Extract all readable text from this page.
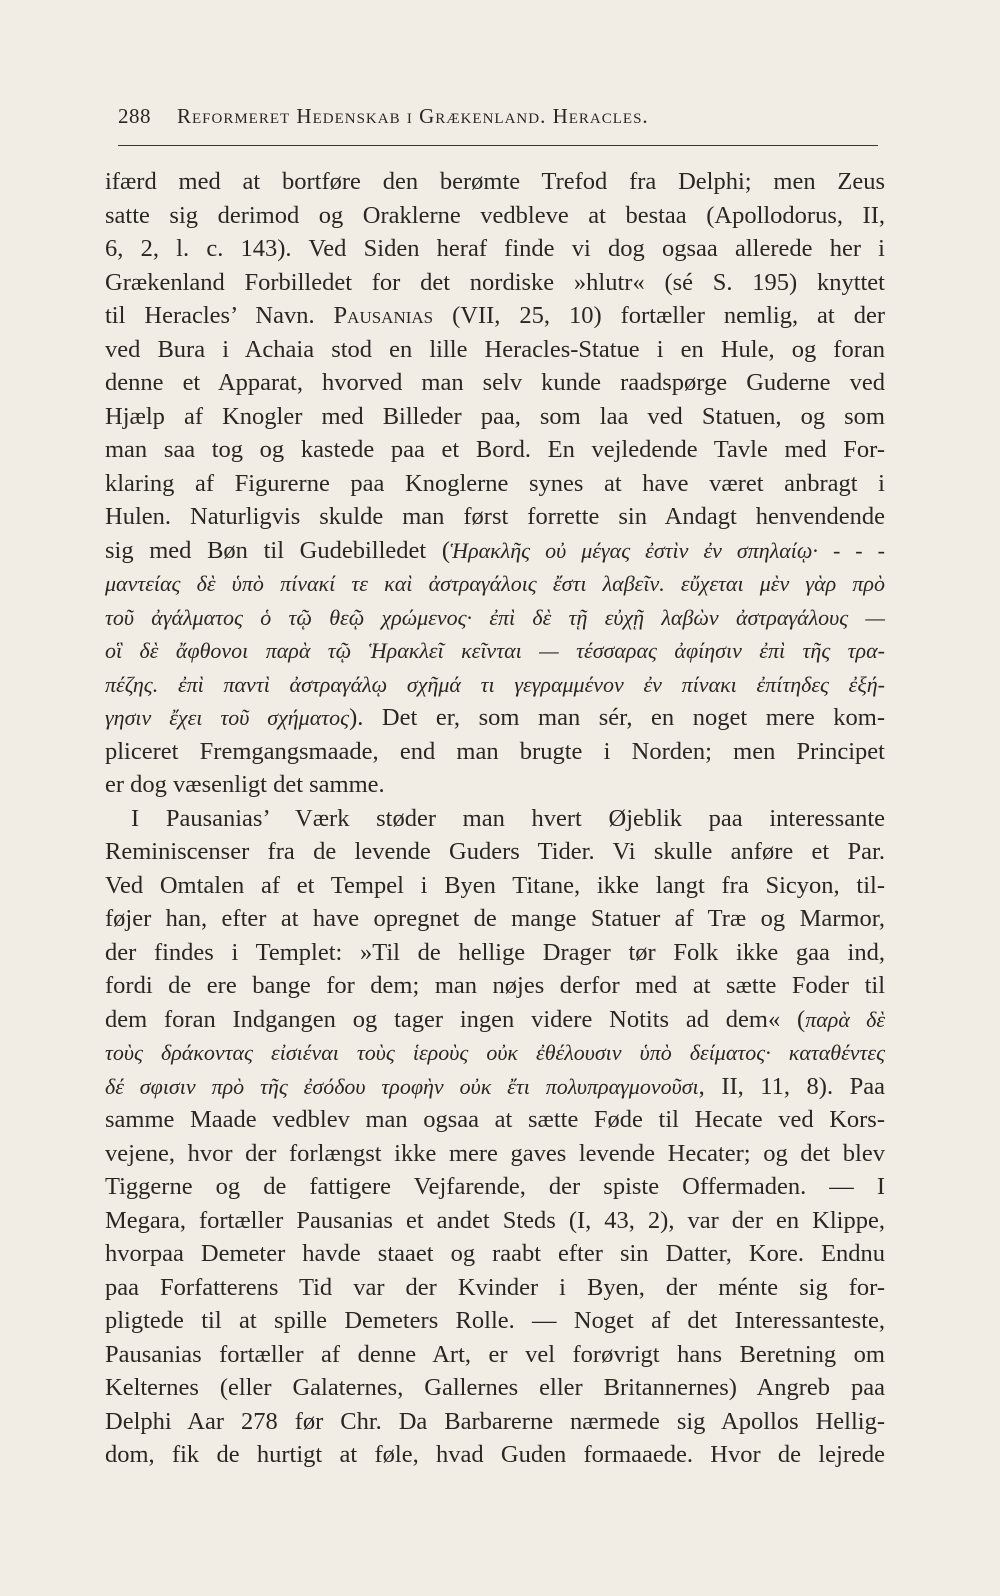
288 Reformeret Hedenskab i Grækenland. Heracles.
ifærd med at bortføre den berømte Trefod fra Delphi; men Zeus
satte sig derimod og Oraklerne vedbleve at bestaa (Apollodorus, II,
6, 2, l. c. 143). Ved Siden heraf finde vi dog ogsaa allerede her i
Grækenland Forbilledet for det nordiske »hlutr« (sé S. 195) knyttet
til Heracles’ Navn. Pausanias (VII, 25, 10) fortæller nemlig, at der
ved Bura i Achaia stod en lille Heracles-Statue i en Hule, og foran
denne et Apparat, hvorved man selv kunde raadspørge Guderne ved
Hjælp af Knogler med Billeder paa, som laa ved Statuen, og som
man saa tog og kastede paa et Bord. En vejledende Tavle med For-
klaring af Figurerne paa Knoglerne synes at have været anbragt i
Hulen. Naturligvis skulde man først forrette sin Andagt henvendende
sig med Bøn til Gudebilledet (Ἡρακλῆς οὐ μέγας ἐστὶν ἐν σπηλαίῳ· - - -
μαντείας δὲ ὑπὸ πίνακί τε καὶ ἀστραγάλοις ἔστι λαβεῖν. εὔχεται μὲν γὰρ πρὸ
τοῦ ἀγάλματος ὁ τῷ θεῷ χρώμενος· ἐπὶ δὲ τῇ εὐχῇ λαβὼν ἀστραγάλους —
οἳ δὲ ἄφθονοι παρὰ τῷ Ἡρακλεῖ κεῖνται — τέσσαρας ἀφίησιν ἐπὶ τῆς τρα-
πέζης. ἐπὶ παντὶ ἀστραγάλῳ σχῆμά τι γεγραμμένον ἐν πίνακι ἐπίτηδες ἐξή-
γησιν ἔχει τοῦ σχήματος). Det er, som man sér, en noget mere kom-
pliceret Fremgangsmaade, end man brugte i Norden; men Principet
er dog væsenligt det samme.
I Pausanias’ Værk støder man hvert Øjeblik paa interessante
Reminiscenser fra de levende Guders Tider. Vi skulle anføre et Par.
Ved Omtalen af et Tempel i Byen Titane, ikke langt fra Sicyon, til-
føjer han, efter at have opregnet de mange Statuer af Træ og Marmor,
der findes i Templet: »Til de hellige Drager tør Folk ikke gaa ind,
fordi de ere bange for dem; man nøjes derfor med at sætte Foder til
dem foran Indgangen og tager ingen videre Notits ad dem« (παρὰ δὲ
τοὺς δράκοντας εἰσιέναι τοὺς ἱεροὺς οὐκ ἐθέλουσιν ὑπὸ δείματος· καταθέντες
δέ σφισιν πρὸ τῆς ἐσόδου τροφὴν οὐκ ἔτι πολυπραγμονοῦσι, II, 11, 8). Paa
samme Maade vedblev man ogsaa at sætte Føde til Hecate ved Kors-
vejene, hvor der forlængst ikke mere gaves levende Hecater; og det blev
Tiggerne og de fattigere Vejfarende, der spiste Offermaden. — I
Megara, fortæller Pausanias et andet Steds (I, 43, 2), var der en Klippe,
hvorpaa Demeter havde staaet og raabt efter sin Datter, Kore. Endnu
paa Forfatterens Tid var der Kvinder i Byen, der ménte sig for-
pligtede til at spille Demeters Rolle. — Noget af det Interessanteste,
Pausanias fortæller af denne Art, er vel forøvrigt hans Beretning om
Kelternes (eller Galaternes, Gallernes eller Britannernes) Angreb paa
Delphi Aar 278 før Chr. Da Barbarerne nærmede sig Apollos Hellig-
dom, fik de hurtigt at føle, hvad Guden formaaede. Hvor de lejrede
